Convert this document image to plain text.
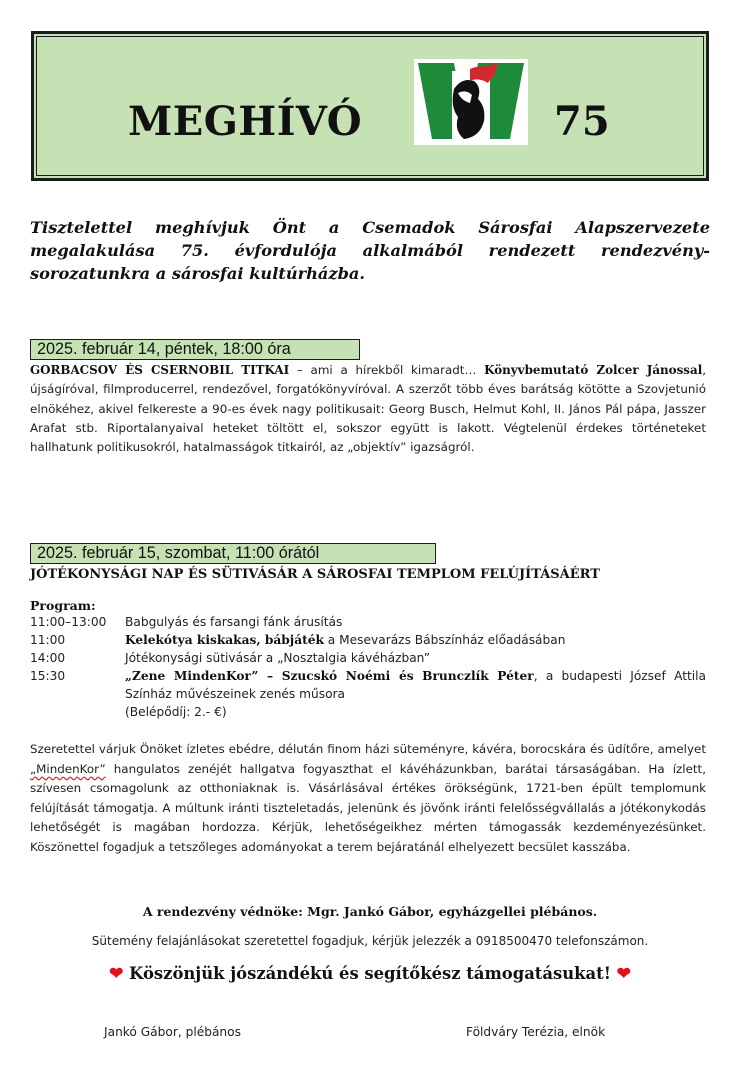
MEGHÍVÓ	75
Tisztelettel meghívjuk Önt a Csemadok Sárosfai Alapszervezete megalakulása 75. évfordulója alkalmából rendezett rendezvény-sorozatunkra a sárosfai kultúrházba.
2025. február 14, péntek, 18:00 óra
GORBACSOV ÉS CSERNOBIL TITKAI – ami a hírekből kimaradt… Könyvbemutató Zolcer Jánossal, újságíróval, filmproducerrel, rendezővel, forgatókönyvíróval. A szerzőt több éves barátság kötötte a Szovjetunió elnökéhez, akivel felkereste a 90-es évek nagy politikusait: Georg Busch, Helmut Kohl, II. János Pál pápa, Jasszer Arafat stb. Riportalanyaival heteket töltött el, sokszor együtt is lakott. Végtelenül érdekes történeteket hallhatunk politikusokról, hatalmasságok titkairól, az „objektív” igazságról.
2025. február 15, szombat, 11:00 órától
JÓTÉKONYSÁGI NAP ÉS SÜTIVÁSÁR A SÁROSFAI TEMPLOM FELÚJÍTÁSÁÉRT
Program:
11:00–13:00 Babgulyás és farsangi fánk árusítás
11:00	Kelekótya kiskakas, bábjáték a Mesevarázs Bábszínház előadásában
14:00	Jótékonysági sütivásár a „Nosztalgia kávéházban”
15:30	„Zene MindenKor” – Szucskó Noémi és Brunczlík Péter, a budapesti József Attila Színház művészeinek zenés műsora
(Belépődíj: 2.- €)
Szeretettel várjuk Önöket ízletes ebédre, délután finom házi süteményre, kávéra, borocskára és üdítőre, amelyet „MindenKor” hangulatos zenéjét hallgatva fogyaszthat el kávéházunkban, barátai társaságában. Ha ízlett, szívesen csomagolunk az otthoniaknak is. Vásárlásával értékes örökségünk, 1721-ben épült templomunk felújítását támogatja. A múltunk iránti tiszteletadás, jelenünk és jövőnk iránti felelősségvállalás a jótékonykodás lehetőségét is magában hordozza. Kérjük, lehetőségeikhez mérten támogassák kezdeményezésünket. Köszönettel fogadjuk a tetszőleges adományokat a terem bejáratánál elhelyezett becsület kasszába.
A rendezvény védnöke: Mgr. Jankó Gábor, egyházgellei plébános.
Sütemény felajánlásokat szeretettel fogadjuk, kérjük jelezzék a 0918500470 telefonszámon.
❤ Köszönjük jószándékú és segítőkész támogatásukat! ❤
Jankó Gábor, plébános	Földváry Terézia, elnök
